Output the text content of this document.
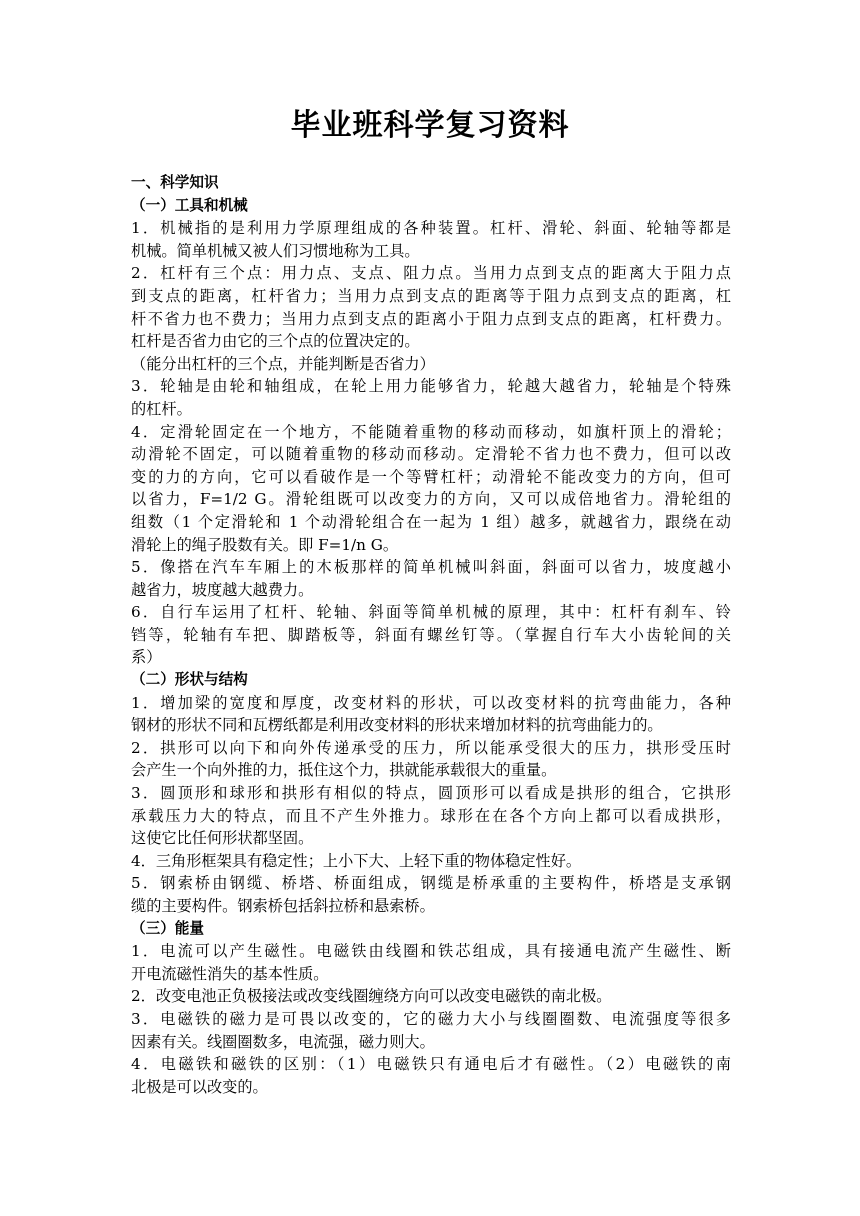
毕业班科学复习资料
一、科学知识
（一）工具和机械
1．机械指的是利用力学原理组成的各种装置。杠杆、滑轮、斜面、轮轴等都是
机械。简单机械又被人们习惯地称为工具。
2．杠杆有三个点：用力点、支点、阻力点。当用力点到支点的距离大于阻力点
到支点的距离，杠杆省力；当用力点到支点的距离等于阻力点到支点的距离，杠
杆不省力也不费力；当用力点到支点的距离小于阻力点到支点的距离，杠杆费力。
杠杆是否省力由它的三个点的位置决定的。
（能分出杠杆的三个点，并能判断是否省力）
3．轮轴是由轮和轴组成，在轮上用力能够省力，轮越大越省力，轮轴是个特殊
的杠杆。
4．定滑轮固定在一个地方，不能随着重物的移动而移动，如旗杆顶上的滑轮；
动滑轮不固定，可以随着重物的移动而移动。定滑轮不省力也不费力，但可以改
变的力的方向，它可以看破作是一个等臂杠杆；动滑轮不能改变力的方向，但可
以省力，F=1/2 G。滑轮组既可以改变力的方向，又可以成倍地省力。滑轮组的
组数（1 个定滑轮和 1 个动滑轮组合在一起为 1 组）越多，就越省力，跟绕在动
滑轮上的绳子股数有关。即 F=1/n G。
5．像搭在汽车车厢上的木板那样的简单机械叫斜面，斜面可以省力，坡度越小
越省力，坡度越大越费力。
6．自行车运用了杠杆、轮轴、斜面等简单机械的原理，其中：杠杆有刹车、铃
铛等，轮轴有车把、脚踏板等，斜面有螺丝钉等。（掌握自行车大小齿轮间的关
系）
（二）形状与结构
1．增加梁的宽度和厚度，改变材料的形状，可以改变材料的抗弯曲能力，各种
钢材的形状不同和瓦楞纸都是利用改变材料的形状来增加材料的抗弯曲能力的。
2．拱形可以向下和向外传递承受的压力，所以能承受很大的压力，拱形受压时
会产生一个向外推的力，抵住这个力，拱就能承载很大的重量。
3．圆顶形和球形和拱形有相似的特点，圆顶形可以看成是拱形的组合，它拱形
承载压力大的特点，而且不产生外推力。球形在在各个方向上都可以看成拱形，
这使它比任何形状都坚固。
4．三角形框架具有稳定性；上小下大、上轻下重的物体稳定性好。
5．钢索桥由钢缆、桥塔、桥面组成，钢缆是桥承重的主要构件，桥塔是支承钢
缆的主要构件。钢索桥包括斜拉桥和悬索桥。
（三）能量
1．电流可以产生磁性。电磁铁由线圈和铁芯组成，具有接通电流产生磁性、断
开电流磁性消失的基本性质。
2．改变电池正负极接法或改变线圈缠绕方向可以改变电磁铁的南北极。
3．电磁铁的磁力是可畏以改变的，它的磁力大小与线圈圈数、电流强度等很多
因素有关。线圈圈数多，电流强，磁力则大。
4．电磁铁和磁铁的区别：（1）电磁铁只有通电后才有磁性。（2）电磁铁的南
北极是可以改变的。
